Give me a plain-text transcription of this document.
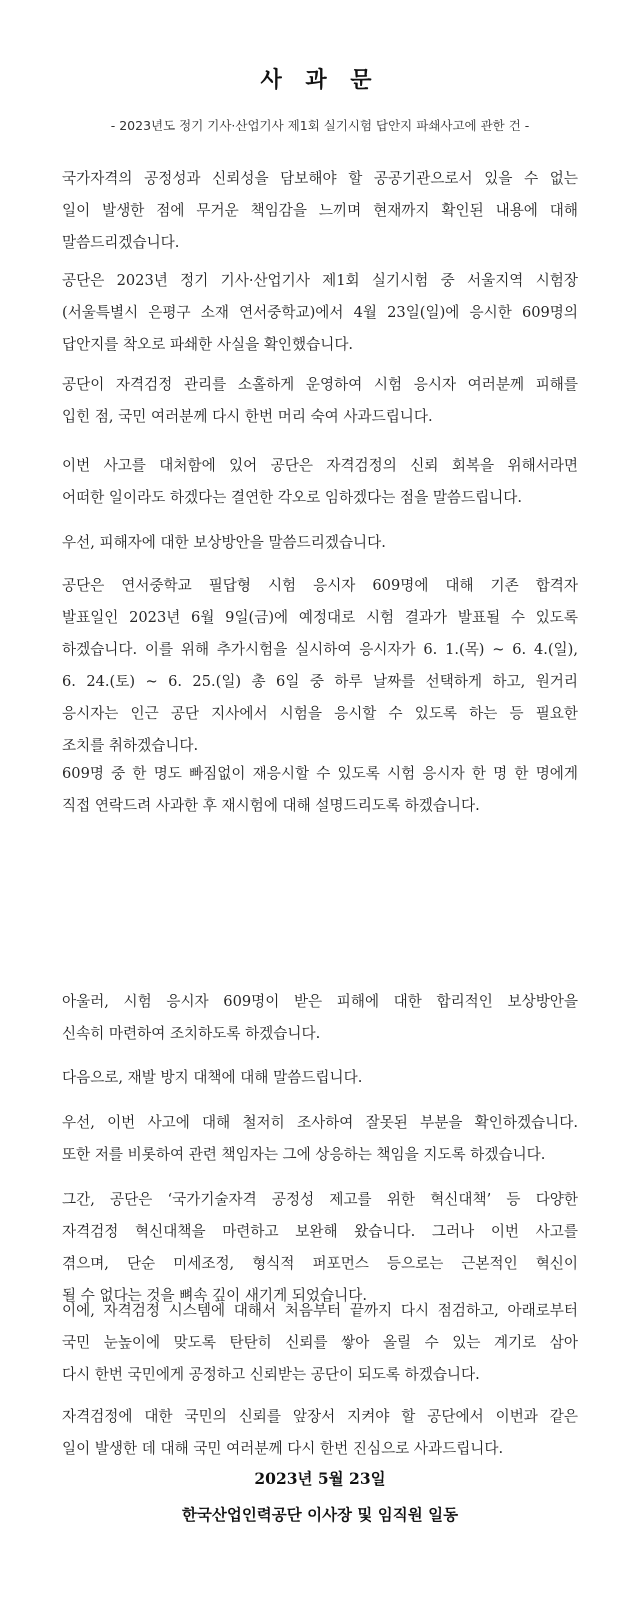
사 과 문
- 2023년도 정기 기사·산업기사 제1회 실기시험 답안지 파쇄사고에 관한 건 -
국가자격의 공정성과 신뢰성을 담보해야 할 공공기관으로서 있을 수 없는
일이 발생한 점에 무거운 책임감을 느끼며 현재까지 확인된 내용에 대해
말씀드리겠습니다.
공단은 2023년 정기 기사·산업기사 제1회 실기시험 중 서울지역 시험장
(서울특별시 은평구 소재 연서중학교)에서 4월 23일(일)에 응시한 609명의
답안지를 착오로 파쇄한 사실을 확인했습니다.
공단이 자격검정 관리를 소홀하게 운영하여 시험 응시자 여러분께 피해를
입힌 점, 국민 여러분께 다시 한번 머리 숙여 사과드립니다.
이번 사고를 대처함에 있어 공단은 자격검정의 신뢰 회복을 위해서라면
어떠한 일이라도 하겠다는 결연한 각오로 임하겠다는 점을 말씀드립니다.
우선, 피해자에 대한 보상방안을 말씀드리겠습니다.
공단은 연서중학교 필답형 시험 응시자 609명에 대해 기존 합격자
발표일인 2023년 6월 9일(금)에 예정대로 시험 결과가 발표될 수 있도록
하겠습니다. 이를 위해 추가시험을 실시하여 응시자가 6. 1.(목) ~ 6. 4.(일),
6. 24.(토) ~ 6. 25.(일) 총 6일 중 하루 날짜를 선택하게 하고, 원거리
응시자는 인근 공단 지사에서 시험을 응시할 수 있도록 하는 등 필요한
조치를 취하겠습니다.
609명 중 한 명도 빠짐없이 재응시할 수 있도록 시험 응시자 한 명 한 명에게
직접 연락드려 사과한 후 재시험에 대해 설명드리도록 하겠습니다.
아울러, 시험 응시자 609명이 받은 피해에 대한 합리적인 보상방안을
신속히 마련하여 조치하도록 하겠습니다.
다음으로, 재발 방지 대책에 대해 말씀드립니다.
우선, 이번 사고에 대해 철저히 조사하여 잘못된 부분을 확인하겠습니다.
또한 저를 비롯하여 관련 책임자는 그에 상응하는 책임을 지도록 하겠습니다.
그간, 공단은 ‘국가기술자격 공정성 제고를 위한 혁신대책’ 등 다양한
자격검정 혁신대책을 마련하고 보완해 왔습니다. 그러나 이번 사고를
겪으며, 단순 미세조정, 형식적 퍼포먼스 등으로는 근본적인 혁신이
될 수 없다는 것을 뼈속 깊이 새기게 되었습니다.
이에, 자격검정 시스템에 대해서 처음부터 끝까지 다시 점검하고, 아래로부터
국민 눈높이에 맞도록 탄탄히 신뢰를 쌓아 올릴 수 있는 계기로 삼아
다시 한번 국민에게 공정하고 신뢰받는 공단이 되도록 하겠습니다.
자격검정에 대한 국민의 신뢰를 앞장서 지켜야 할 공단에서 이번과 같은
일이 발생한 데 대해 국민 여러분께 다시 한번 진심으로 사과드립니다.
2023년 5월 23일
한국산업인력공단 이사장 및 임직원 일동
